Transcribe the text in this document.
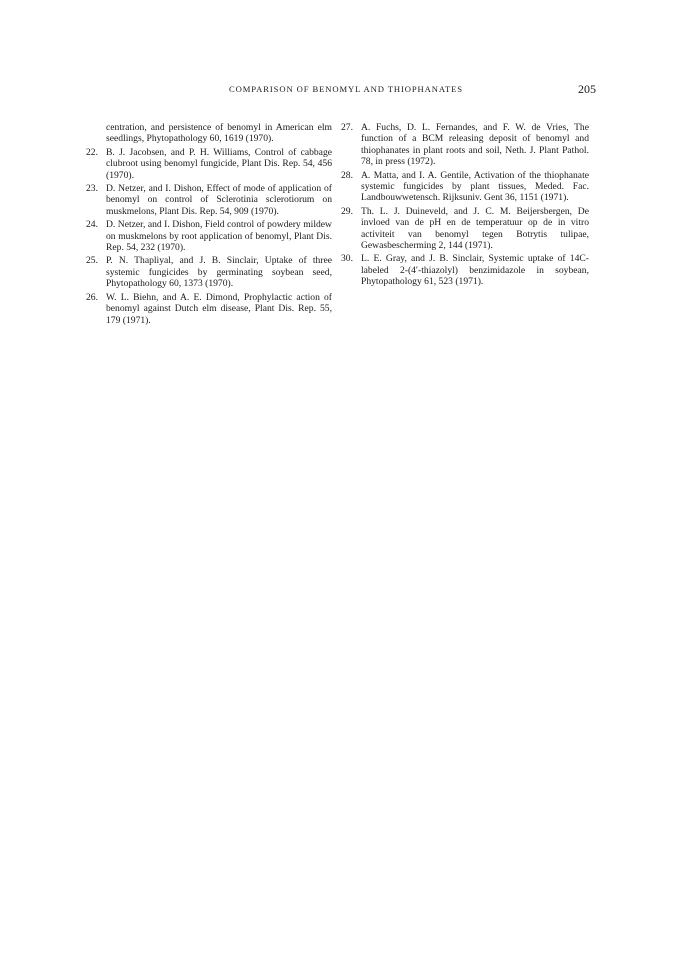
COMPARISON OF BENOMYL AND THIOPHANATES	205
centration, and persistence of benomyl in American elm seedlings, Phytopathology 60, 1619 (1970).
22. B. J. Jacobsen, and P. H. Williams, Control of cabbage clubroot using benomyl fungicide, Plant Dis. Rep. 54, 456 (1970).
23. D. Netzer, and I. Dishon, Effect of mode of application of benomyl on control of Sclerotinia sclerotiorum on muskmelons, Plant Dis. Rep. 54, 909 (1970).
24. D. Netzer, and I. Dishon, Field control of powdery mildew on muskmelons by root application of benomyl, Plant Dis. Rep. 54, 232 (1970).
25. P. N. Thapliyal, and J. B. Sinclair, Uptake of three systemic fungicides by germinating soybean seed, Phytopathology 60, 1373 (1970).
26. W. L. Biehn, and A. E. Dimond, Prophylactic action of benomyl against Dutch elm disease, Plant Dis. Rep. 55, 179 (1971).
27. A. Fuchs, D. L. Fernandes, and F. W. de Vries, The function of a BCM releasing deposit of benomyl and thiophanates in plant roots and soil, Neth. J. Plant Pathol. 78, in press (1972).
28. A. Matta, and I. A. Gentile, Activation of the thiophanate systemic fungicides by plant tissues, Meded. Fac. Landbouwwetensch. Rijksuniv. Gent 36, 1151 (1971).
29. Th. L. J. Duineveld, and J. C. M. Beijersbergen, De invloed van de pH en de temperatuur op de in vitro activiteit van benomyl tegen Botrytis tulipae, Gewasbescherming 2, 144 (1971).
30. L. E. Gray, and J. B. Sinclair, Systemic uptake of 14C-labeled 2-(4′-thiazolyl) benzimidazole in soybean, Phytopathology 61, 523 (1971).
